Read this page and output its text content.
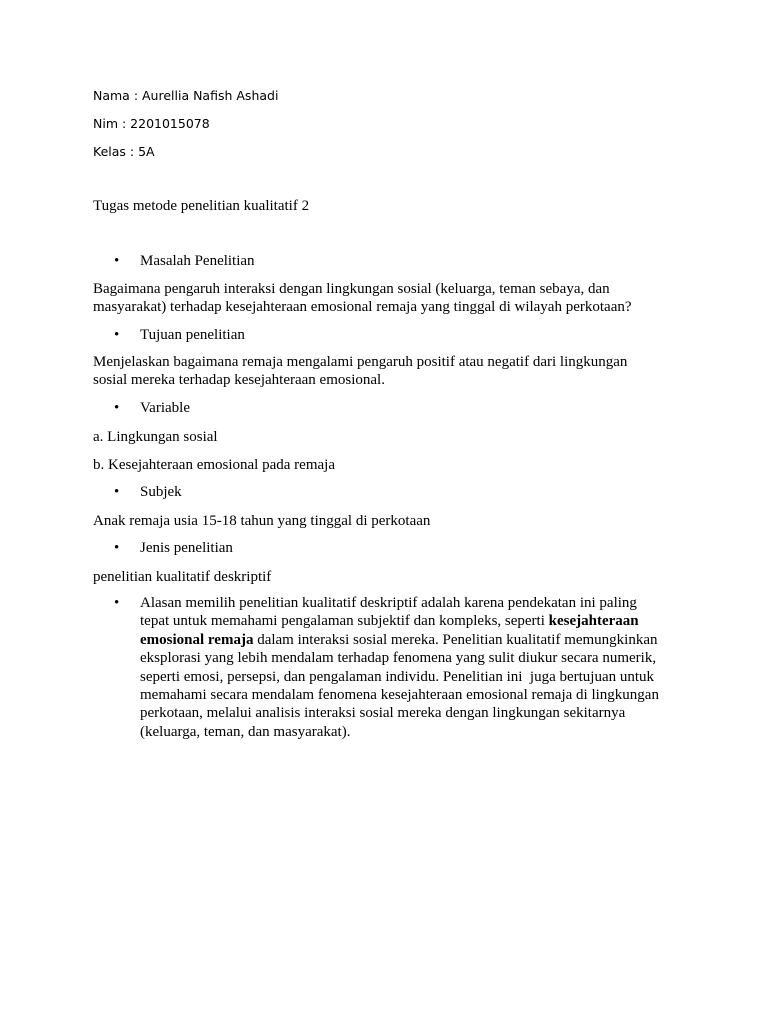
Nama : Aurellia Nafish Ashadi
Nim : 2201015078
Kelas : 5A
Tugas metode penelitian kualitatif 2
•	Masalah Penelitian
Bagaimana pengaruh interaksi dengan lingkungan sosial (keluarga, teman sebaya, dan
masyarakat) terhadap kesejahteraan emosional remaja yang tinggal di wilayah perkotaan?
•	Tujuan penelitian
Menjelaskan bagaimana remaja mengalami pengaruh positif atau negatif dari lingkungan
sosial mereka terhadap kesejahteraan emosional.
•	Variable
a. Lingkungan sosial
b. Kesejahteraan emosional pada remaja
•	Subjek
Anak remaja usia 15-18 tahun yang tinggal di perkotaan
•	Jenis penelitian
penelitian kualitatif deskriptif
• Alasan memilih penelitian kualitatif deskriptif adalah karena pendekatan ini paling
tepat untuk memahami pengalaman subjektif dan kompleks, seperti kesejahteraan
emosional remaja dalam interaksi sosial mereka. Penelitian kualitatif memungkinkan
eksplorasi yang lebih mendalam terhadap fenomena yang sulit diukur secara numerik,
seperti emosi, persepsi, dan pengalaman individu. Penelitian ini  juga bertujuan untuk
memahami secara mendalam fenomena kesejahteraan emosional remaja di lingkungan
perkotaan, melalui analisis interaksi sosial mereka dengan lingkungan sekitarnya
(keluarga, teman, dan masyarakat).
